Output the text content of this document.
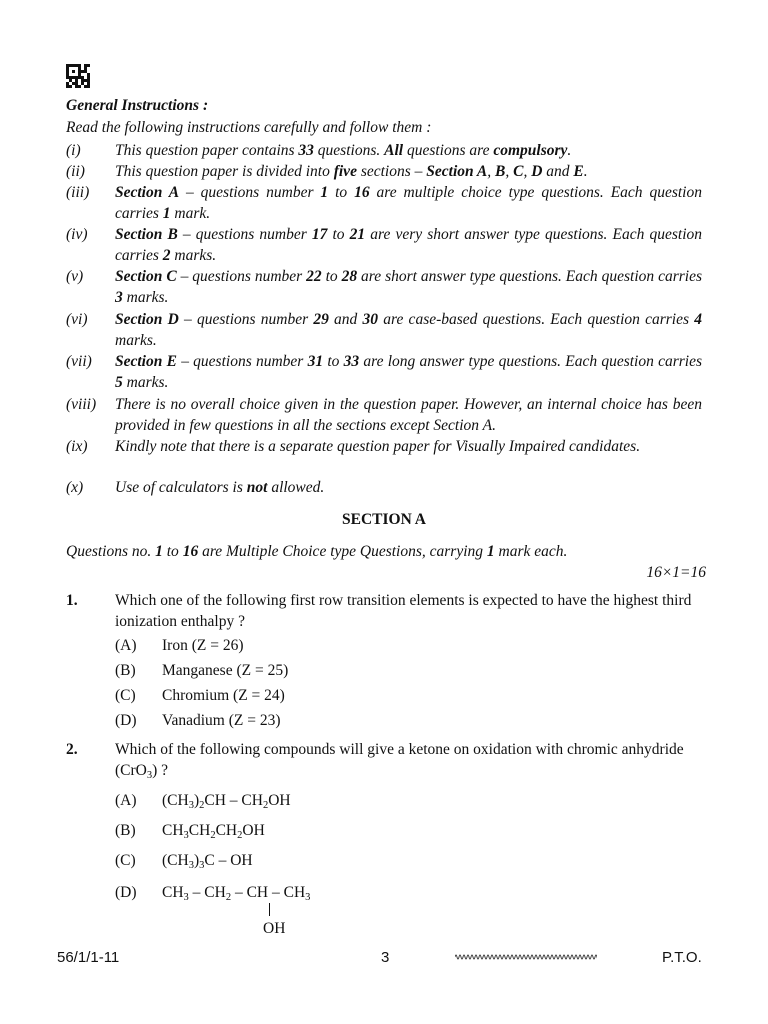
General Instructions :
Read the following instructions carefully and follow them :
(i)	This question paper contains 33 questions. All questions are compulsory.
(ii)	This question paper is divided into five sections – Section A, B, C, D and E.
(iii)	Section A – questions number 1 to 16 are multiple choice type questions. Each question carries 1 mark.
(iv)	Section B – questions number 17 to 21 are very short answer type questions. Each question carries 2 marks.
(v)	Section C – questions number 22 to 28 are short answer type questions. Each question carries 3 marks.
(vi)	Section D – questions number 29 and 30 are case-based questions. Each question carries 4 marks.
(vii)	Section E – questions number 31 to 33 are long answer type questions. Each question carries 5 marks.
(viii)	There is no overall choice given in the question paper. However, an internal choice has been provided in few questions in all the sections except Section A.
(ix)	Kindly note that there is a separate question paper for Visually Impaired candidates.
(x)	Use of calculators is not allowed.
SECTION A
Questions no. 1 to 16 are Multiple Choice type Questions, carrying 1 mark each.
16×1=16
1. Which one of the following first row transition elements is expected to have the highest third ionization enthalpy ?
(A) Iron (Z = 26)
(B) Manganese (Z = 25)
(C) Chromium (Z = 24)
(D) Vanadium (Z = 23)
2. Which of the following compounds will give a ketone on oxidation with chromic anhydride (CrO$_3$) ?
(A) $(CH_3)_2CH - CH_2OH$
(B) $CH_3CH_2CH_2OH$
(C) $(CH_3)_3C$ – OH
(D) $CH_3 - CH_2$ – CH – $CH_3$
OH
56/1/1-11	3	P.T.O.
